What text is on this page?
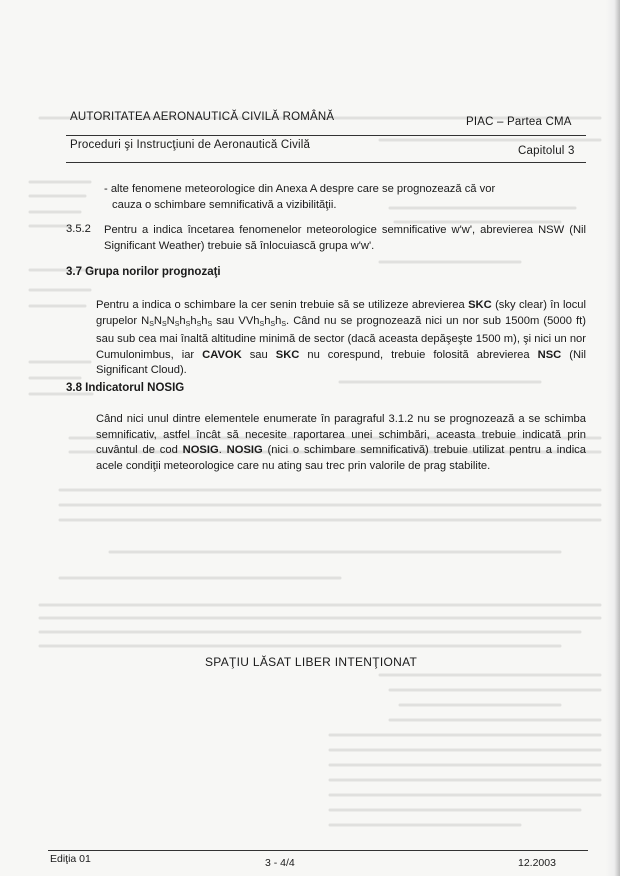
AUTORITATEA AERONAUTICĂ CIVILĂ ROMÂNĂ	PIAC – Partea CMA
Proceduri şi Instrucţiuni de Aeronautică Civilă	Capitolul 3

- alte fenomene meteorologice din Anexa A despre care se prognozează că vor

cauza o schimbare semnificativă a vizibilităţii.

3.5.2 Pentru a indica încetarea fenomenelor meteorologice semnificative w'w', abrevierea NSW (Nil Significant Weather) trebuie să înlocuiască grupa w'w'.
3.7 Grupa norilor prognozaţi
Pentru a indica o schimbare la cer senin trebuie să se utilizeze abrevierea SKC (sky clear) în locul grupelor $N_SN_SN_Sh_Sh_Sh_S$ sau $VVh_Sh_Sh_S$. Când nu se prognozează nici un nor sub 1500m (5000 ft) sau sub cea mai înaltă altitudine minimă de sector (dacă aceasta depăşeşte 1500 m), şi nici un nor Cumulonimbus, iar CAVOK sau SKC nu corespund, trebuie folosită abrevierea NSC (Nil Significant Cloud).
3.8 Indicatorul NOSIG
Când nici unul dintre elementele enumerate în paragraful 3.1.2 nu se prognozează a se schimba semnificativ, astfel încât să necesite raportarea unei schimbări, aceasta trebuie indicată prin cuvântul de cod NOSIG. NOSIG (nici o schimbare semnificativă) trebuie utilizat pentru a indica acele condiţii meteorologice care nu ating sau trec prin valorile de prag stabilite.
SPAŢIU LĂSAT LIBER INTENŢIONAT
Ediţia 01	3 - 4/4	12.2003
